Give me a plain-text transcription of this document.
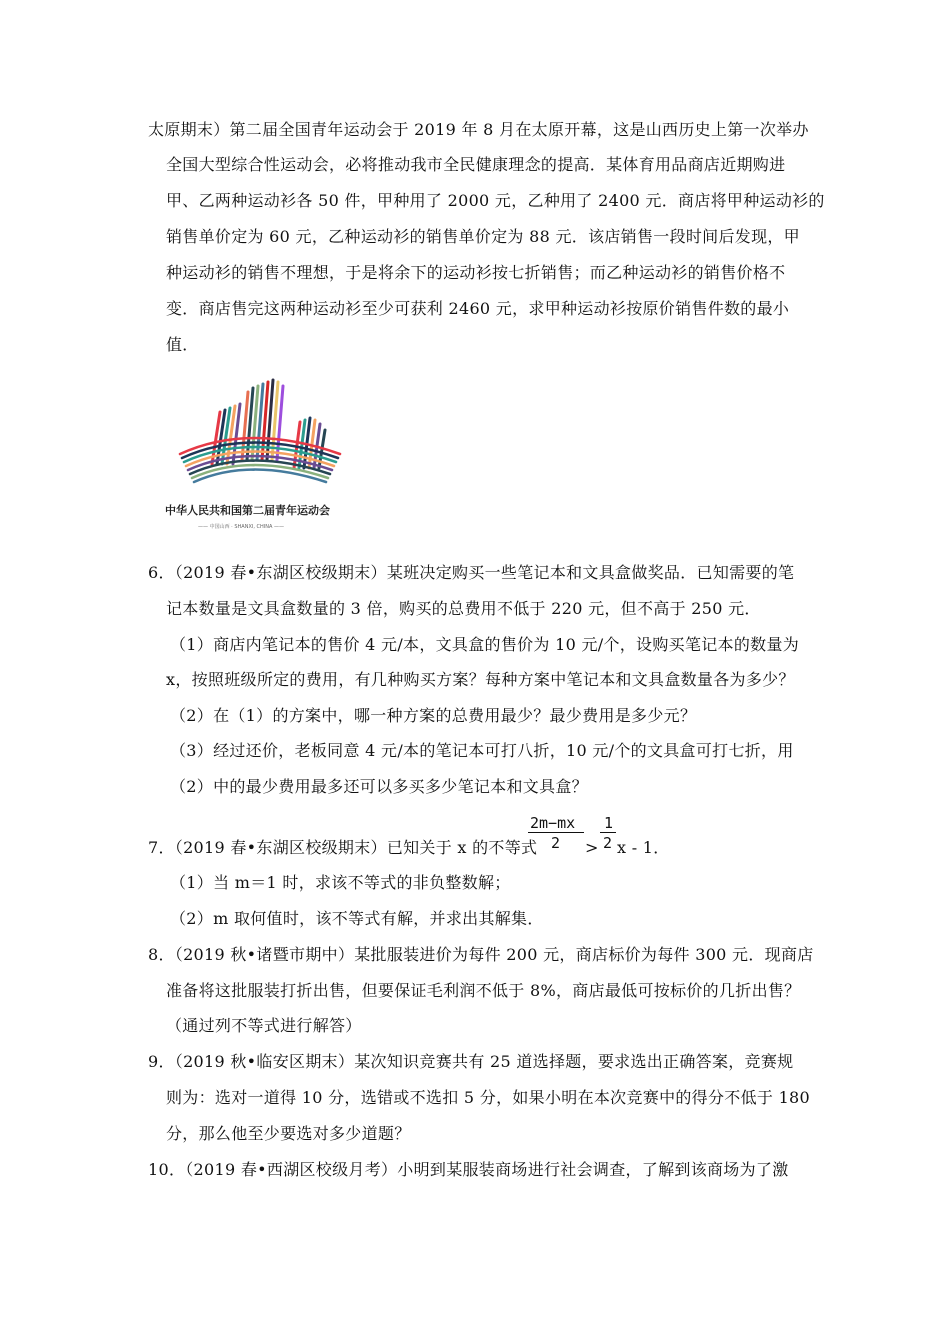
太原期末）第二届全国青年运动会于 2019 年 8 月在太原开幕，这是山西历史上第一次举办
全国大型综合性运动会，必将推动我市全民健康理念的提高．某体育用品商店近期购进
甲、乙两种运动衫各 50 件，甲种用了 2000 元，乙种用了 2400 元．商店将甲种运动衫的
销售单价定为 60 元，乙种运动衫的销售单价定为 88 元．该店销售一段时间后发现，甲
种运动衫的销售不理想，于是将余下的运动衫按七折销售；而乙种运动衫的销售价格不
变．商店售完这两种运动衫至少可获利 2460 元，求甲种运动衫按原价销售件数的最小
值．
中华人民共和国第二届青年运动会
—— 中国山西 · SHANXI, CHINA ——
6．（2019 春•东湖区校级期末）某班决定购买一些笔记本和文具盒做奖品．已知需要的笔
记本数量是文具盒数量的 3 倍，购买的总费用不低于 220 元，但不高于 250 元．
（1）商店内笔记本的售价 4 元/本，文具盒的售价为 10 元/个，设购买笔记本的数量为
x，按照班级所定的费用，有几种购买方案？每种方案中笔记本和文具盒数量各为多少？
（2）在（1）的方案中，哪一种方案的总费用最少？最少费用是多少元？
（3）经过还价，老板同意 4 元/本的笔记本可打八折，10 元/个的文具盒可打七折，用
（2）中的最少费用最多还可以多买多少笔记本和文具盒？
7．（2019 春•东湖区校级期末）已知关于 x 的不等式
2m−mx
2 >
1
2 x - 1．
（1）当 m＝1 时，求该不等式的非负整数解；
（2）m 取何值时，该不等式有解，并求出其解集．
8．（2019 秋•诸暨市期中）某批服装进价为每件 200 元，商店标价为每件 300 元．现商店
准备将这批服装打折出售，但要保证毛利润不低于 8%，商店最低可按标价的几折出售？
（通过列不等式进行解答）
9．（2019 秋•临安区期末）某次知识竞赛共有 25 道选择题，要求选出正确答案，竞赛规
则为：选对一道得 10 分，选错或不选扣 5 分，如果小明在本次竞赛中的得分不低于 180
分，那么他至少要选对多少道题？
10．（2019 春•西湖区校级月考）小明到某服装商场进行社会调查，了解到该商场为了激
